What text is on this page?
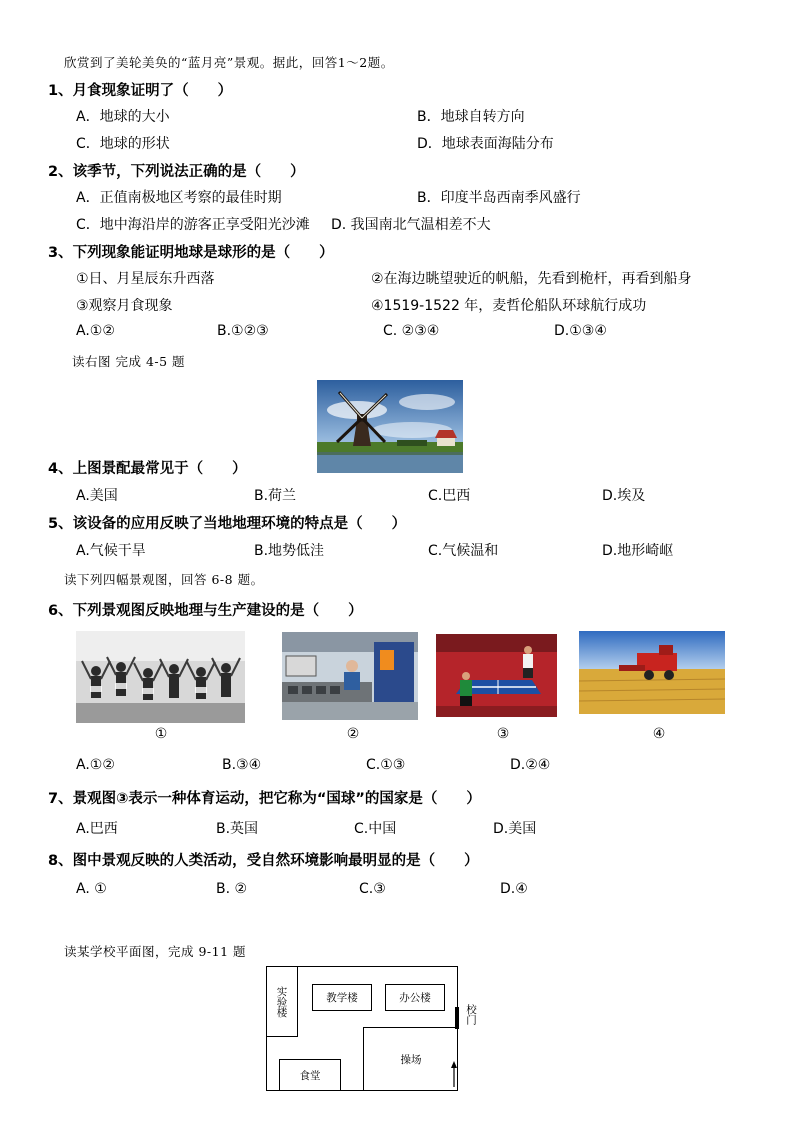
欣赏到了美轮美奂的“蓝月亮”景观。据此，回答1～2题。
1、月食现象证明了（　　）
A．地球的大小	B．地球自转方向
C．地球的形状	D．地球表面海陆分布
2、该季节，下列说法正确的是（　　）
A．正值南极地区考察的最佳时期	B．印度半岛西南季风盛行
C．地中海沿岸的游客正享受阳光沙滩 D. 我国南北气温相差不大
3、下列现象能证明地球是球形的是（　　）
①日、月星辰东升西落	②在海边眺望驶近的帆船，先看到桅杆，再看到船身
③观察月食现象	④1519-1522 年，麦哲伦船队环球航行成功
A.①②	B.①②③	C. ②③④	D.①③④
读右图 完成 4-5 题
4、上图景配最常见于（　　）
A.美国	B.荷兰	C.巴西	D.埃及
5、该设备的应用反映了当地地理环境的特点是（　　）
A.气候干旱	B.地势低洼	C.气候温和	D.地形崎岖
读下列四幅景观图，回答 6-8 题。
6、下列景观图反映地理与生产建设的是（　　）
①	②	③	④
A.①②	B.③④	C.①③	D.②④
7、景观图③表示一种体育运动，把它称为“国球”的国家是（　　）
A.巴西	B.英国	C.中国	D.美国
8、图中景观反映的人类活动，受自然环境影响最明显的是（　　）
A. ①	B. ②	C.③	D.④
读某学校平面图，完成 9-11 题
实验楼	教学楼	办公楼
操场
食堂
校门
